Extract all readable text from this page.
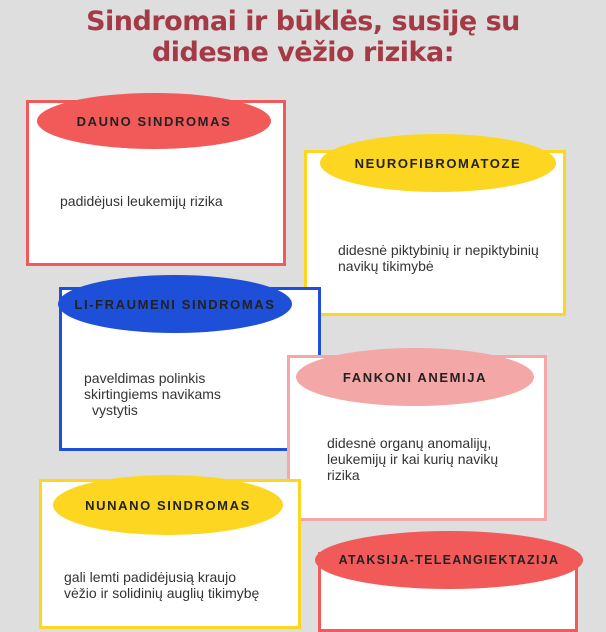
Sindromai ir būklės, susiję su
didesne vėžio rizika:
padidėjusi leukemijų rizika
DAUNO SINDROMAS
didesnė piktybinių ir nepiktybinių
navikų tikimybė
NEUROFIBROMATOZE
paveldimas polinkis
skirtingiems navikams
vystytis
LI-FRAUMENI SINDROMAS
didesnė organų anomalijų,
leukemijų ir kai kurių navikų
rizika
FANKONI ANEMIJA
gali lemti padidėjusią kraujo
vėžio ir solidinių auglių tikimybę
NUNANO SINDROMAS
ATAKSIJA-TELEANGIEKTAZIJA
